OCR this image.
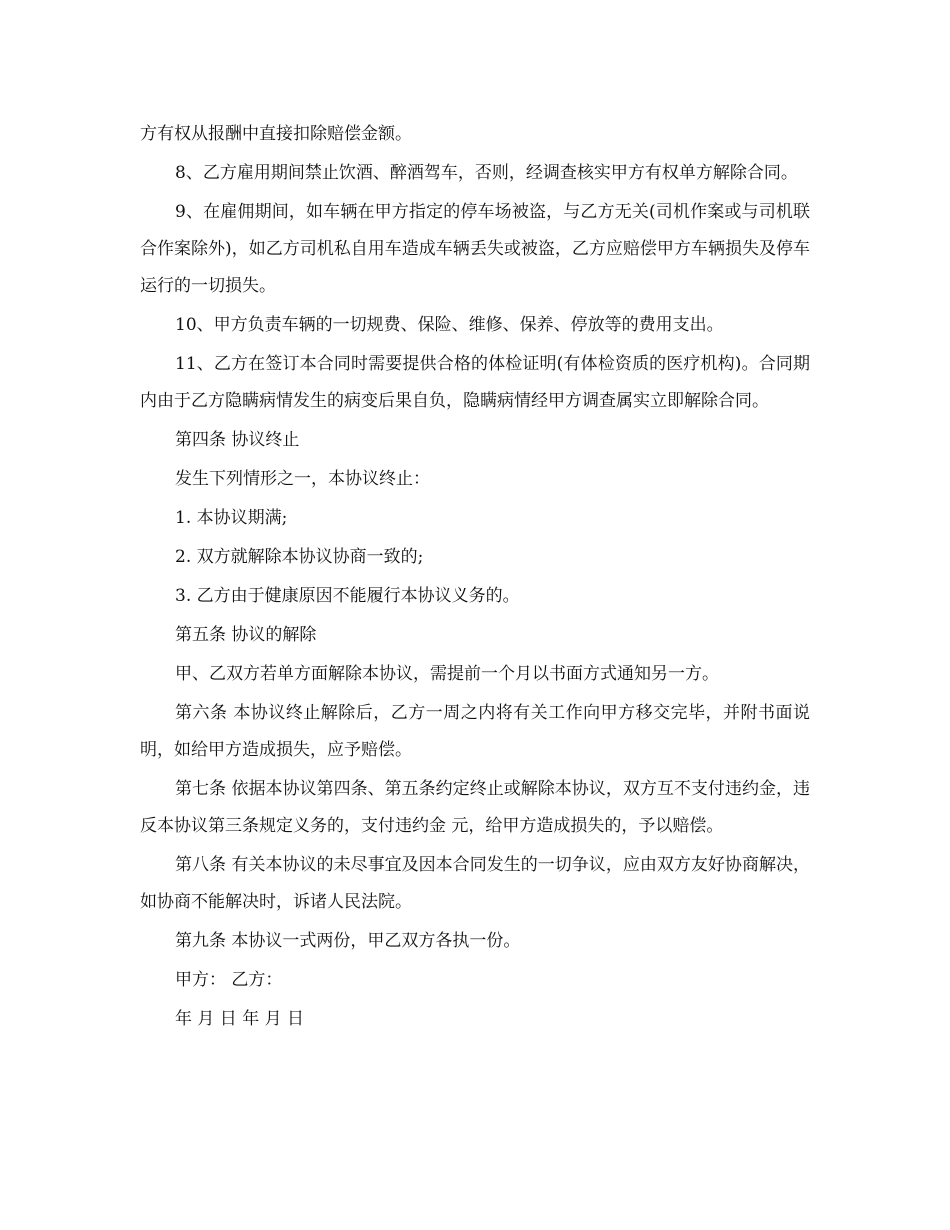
方有权从报酬中直接扣除赔偿金额。

8、乙方雇用期间禁止饮酒、醉酒驾车，否则，经调查核实甲方有权单方解除合同。

9、在雇佣期间，如车辆在甲方指定的停车场被盗，与乙方无关(司机作案或与司机联合作案除外)，如乙方司机私自用车造成车辆丢失或被盗，乙方应赔偿甲方车辆损失及停车运行的一切损失。

10、甲方负责车辆的一切规费、保险、维修、保养、停放等的费用支出。

11、乙方在签订本合同时需要提供合格的体检证明(有体检资质的医疗机构)。合同期内由于乙方隐瞒病情发生的病变后果自负，隐瞒病情经甲方调查属实立即解除合同。

第四条 协议终止

发生下列情形之一，本协议终止：

1. 本协议期满;

2. 双方就解除本协议协商一致的;

3. 乙方由于健康原因不能履行本协议义务的。

第五条 协议的解除

甲、乙双方若单方面解除本协议，需提前一个月以书面方式通知另一方。

第六条 本协议终止解除后，乙方一周之内将有关工作向甲方移交完毕，并附书面说明，如给甲方造成损失，应予赔偿。

第七条 依据本协议第四条、第五条约定终止或解除本协议，双方互不支付违约金，违反本协议第三条规定义务的，支付违约金 元，给甲方造成损失的，予以赔偿。

第八条 有关本协议的未尽事宜及因本合同发生的一切争议，应由双方友好协商解决，如协商不能解决时，诉诸人民法院。

第九条 本协议一式两份，甲乙双方各执一份。

甲方： 乙方：

年 月 日 年 月 日
